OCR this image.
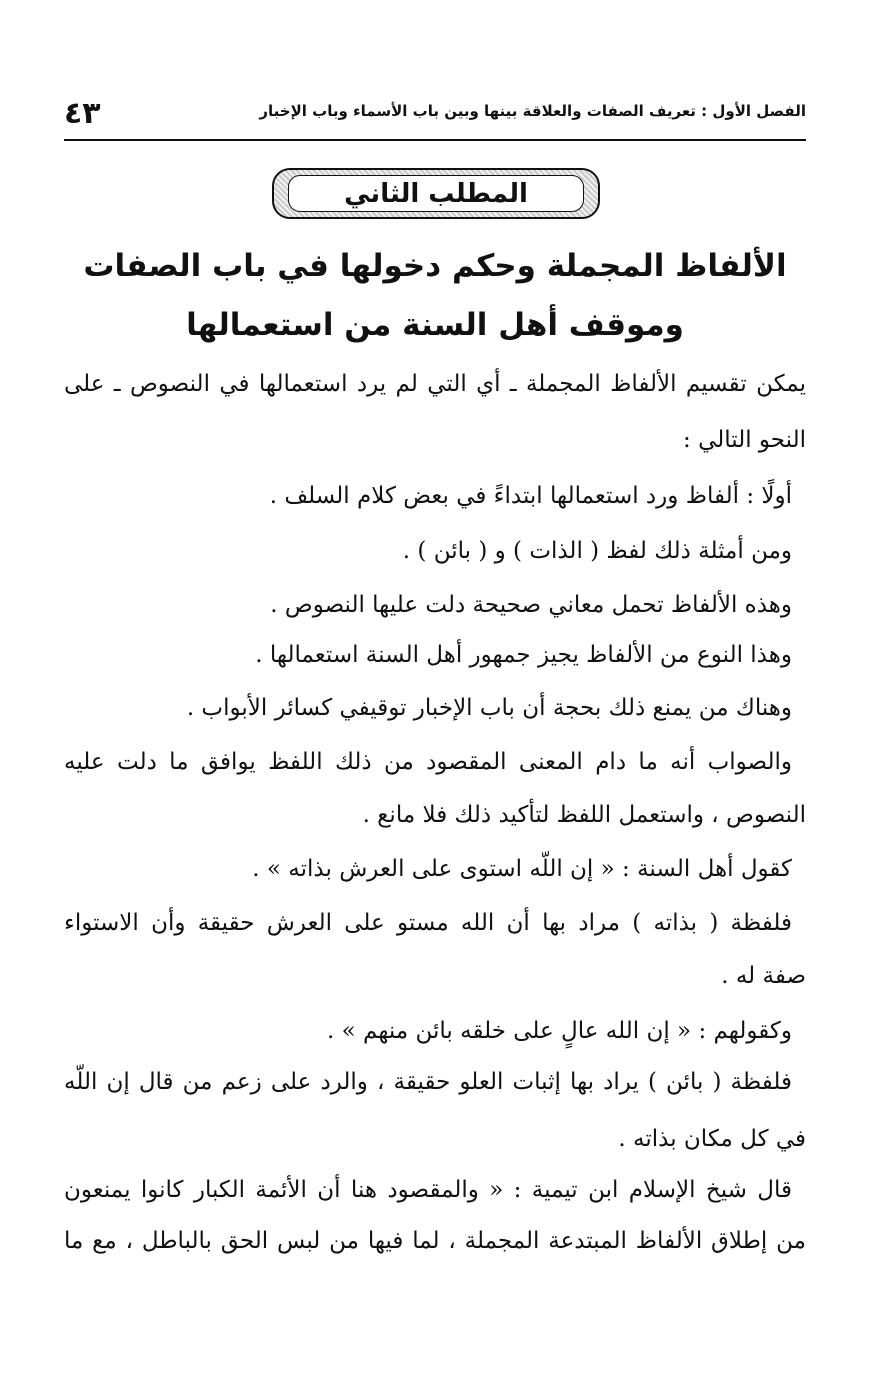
الفصل الأول : تعريف الصفات والعلاقة بينها وبين باب الأسماء وباب الإخبار
٤٣
المطلب الثاني
الألفاظ المجملة وحكم دخولها في باب الصفات
وموقف أهل السنة من استعمالها
يمكن تقسيم الألفاظ المجملة ـ أي التي لم يرد استعمالها في النصوص ـ على
النحو التالي :
أولًا : ألفاظ ورد استعمالها ابتداءً في بعض كلام السلف .
ومن أمثلة ذلك لفظ ( الذات ) و ( بائن ) .
وهذه الألفاظ تحمل معاني صحيحة دلت عليها النصوص .
وهذا النوع من الألفاظ يجيز جمهور أهل السنة استعمالها .
وهناك من يمنع ذلك بحجة أن باب الإخبار توقيفي كسائر الأبواب .
والصواب أنه ما دام المعنى المقصود من ذلك اللفظ يوافق ما دلت عليه
النصوص ، واستعمل اللفظ لتأكيد ذلك فلا مانع .
كقول أهل السنة : « إن اللّه استوى على العرش بذاته » .
فلفظة ( بذاته ) مراد بها أن الله مستو على العرش حقيقة وأن الاستواء
صفة له .
وكقولهم : « إن الله عالٍ على خلقه بائن منهم » .
فلفظة ( بائن ) يراد بها إثبات العلو حقيقة ، والرد على زعم من قال إن اللّه
في كل مكان بذاته .
قال شيخ الإسلام ابن تيمية : « والمقصود هنا أن الأئمة الكبار كانوا يمنعون
من إطلاق الألفاظ المبتدعة المجملة ، لما فيها من لبس الحق بالباطل ، مع ما
